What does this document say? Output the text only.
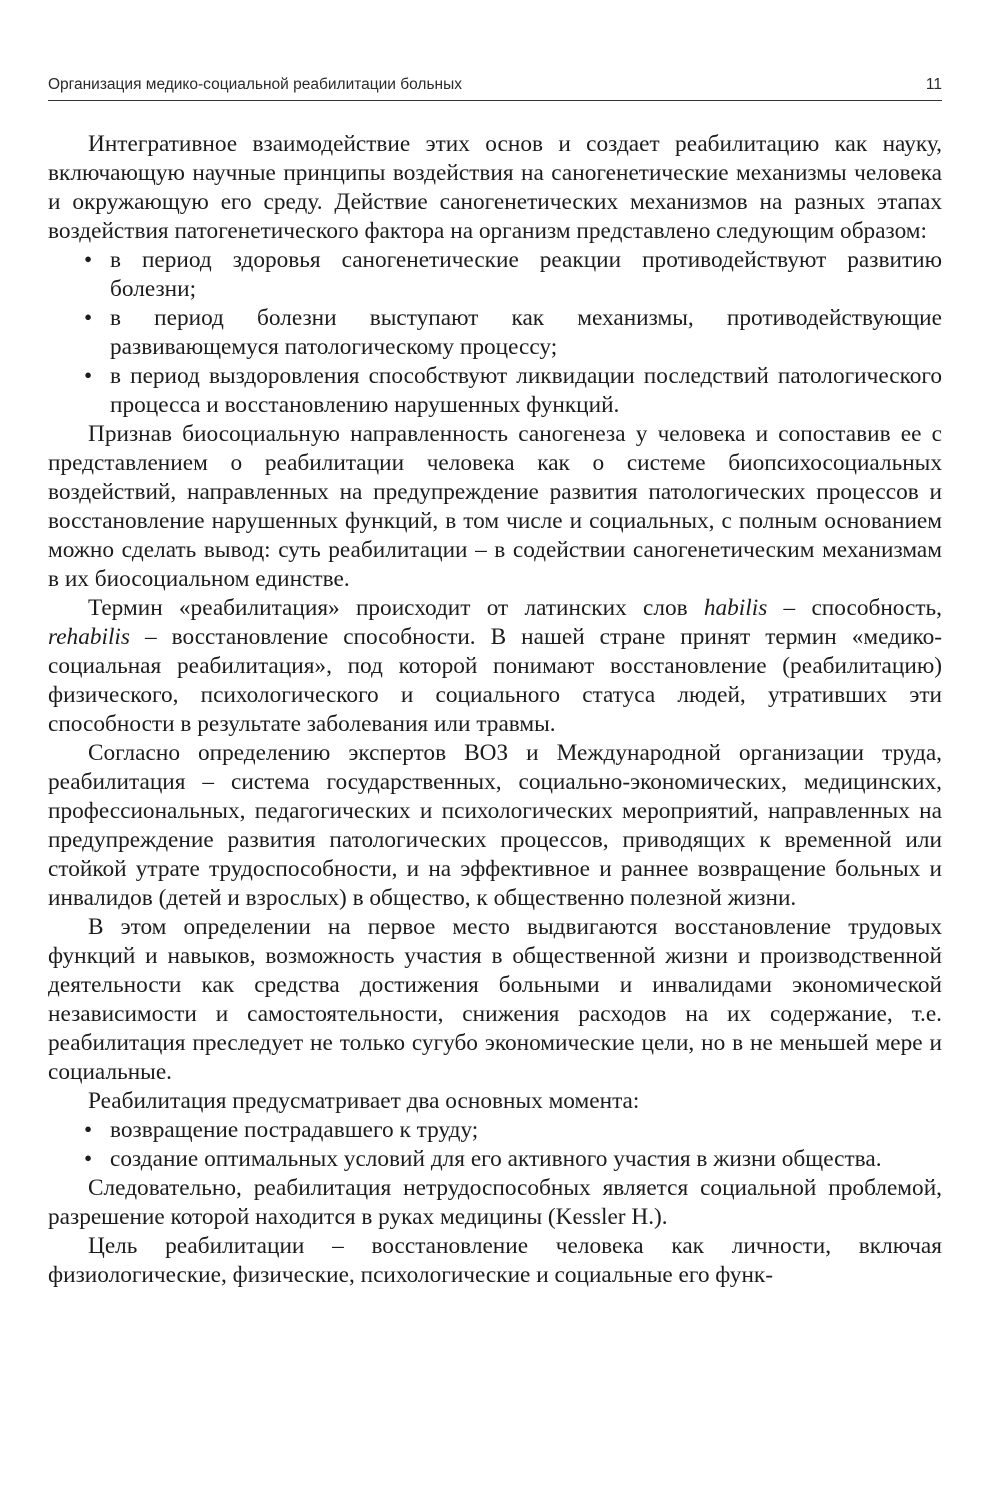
Организация медико-социальной реабилитации больных	11

Интегративное взаимодействие этих основ и создает реабилитацию как науку, включающую научные принципы воздействия на саногенетические механизмы человека и окружающую его среду. Действие саногенетических механизмов на разных этапах воздействия патогенетического фактора на организм представлено следующим образом:

• в период здоровья саногенетические реакции противодействуют развитию болезни;
• в период болезни выступают как механизмы, противодействующие развивающемуся патологическому процессу;
• в период выздоровления способствуют ликвидации последствий патологического процесса и восстановлению нарушенных функций.

Признав биосоциальную направленность саногенеза у человека и сопоставив ее с представлением о реабилитации человека как о системе биопсихосоциальных воздействий, направленных на предупреждение развития патологических процессов и восстановление нарушенных функций, в том числе и социальных, с полным основанием можно сделать вывод: суть реабилитации – в содействии саногенетическим механизмам в их биосоциальном единстве.

Термин «реабилитация» происходит от латинских слов habilis – способность, rehabilis – восстановление способности. В нашей стране принят термин «медико-социальная реабилитация», под которой понимают восстановление (реабилитацию) физического, психологического и социального статуса людей, утративших эти способности в результате заболевания или травмы.

Согласно определению экспертов ВОЗ и Международной организации труда, реабилитация – система государственных, социально-экономических, медицинских, профессиональных, педагогических и психологических мероприятий, направленных на предупреждение развития патологических процессов, приводящих к временной или стойкой утрате трудоспособности, и на эффективное и раннее возвращение больных и инвалидов (детей и взрослых) в общество, к общественно полезной жизни.

В этом определении на первое место выдвигаются восстановление трудовых функций и навыков, возможность участия в общественной жизни и производственной деятельности как средства достижения больными и инвалидами экономической независимости и самостоятельности, снижения расходов на их содержание, т.е. реабилитация преследует не только сугубо экономические цели, но в не меньшей мере и социальные.

Реабилитация предусматривает два основных момента:

• возвращение пострадавшего к труду;
• создание оптимальных условий для его активного участия в жизни общества.

Следовательно, реабилитация нетрудоспособных является социальной проблемой, разрешение которой находится в руках медицины (Kessler H.).

Цель реабилитации – восстановление человека как личности, включая физиологические, физические, психологические и социальные его функ-
